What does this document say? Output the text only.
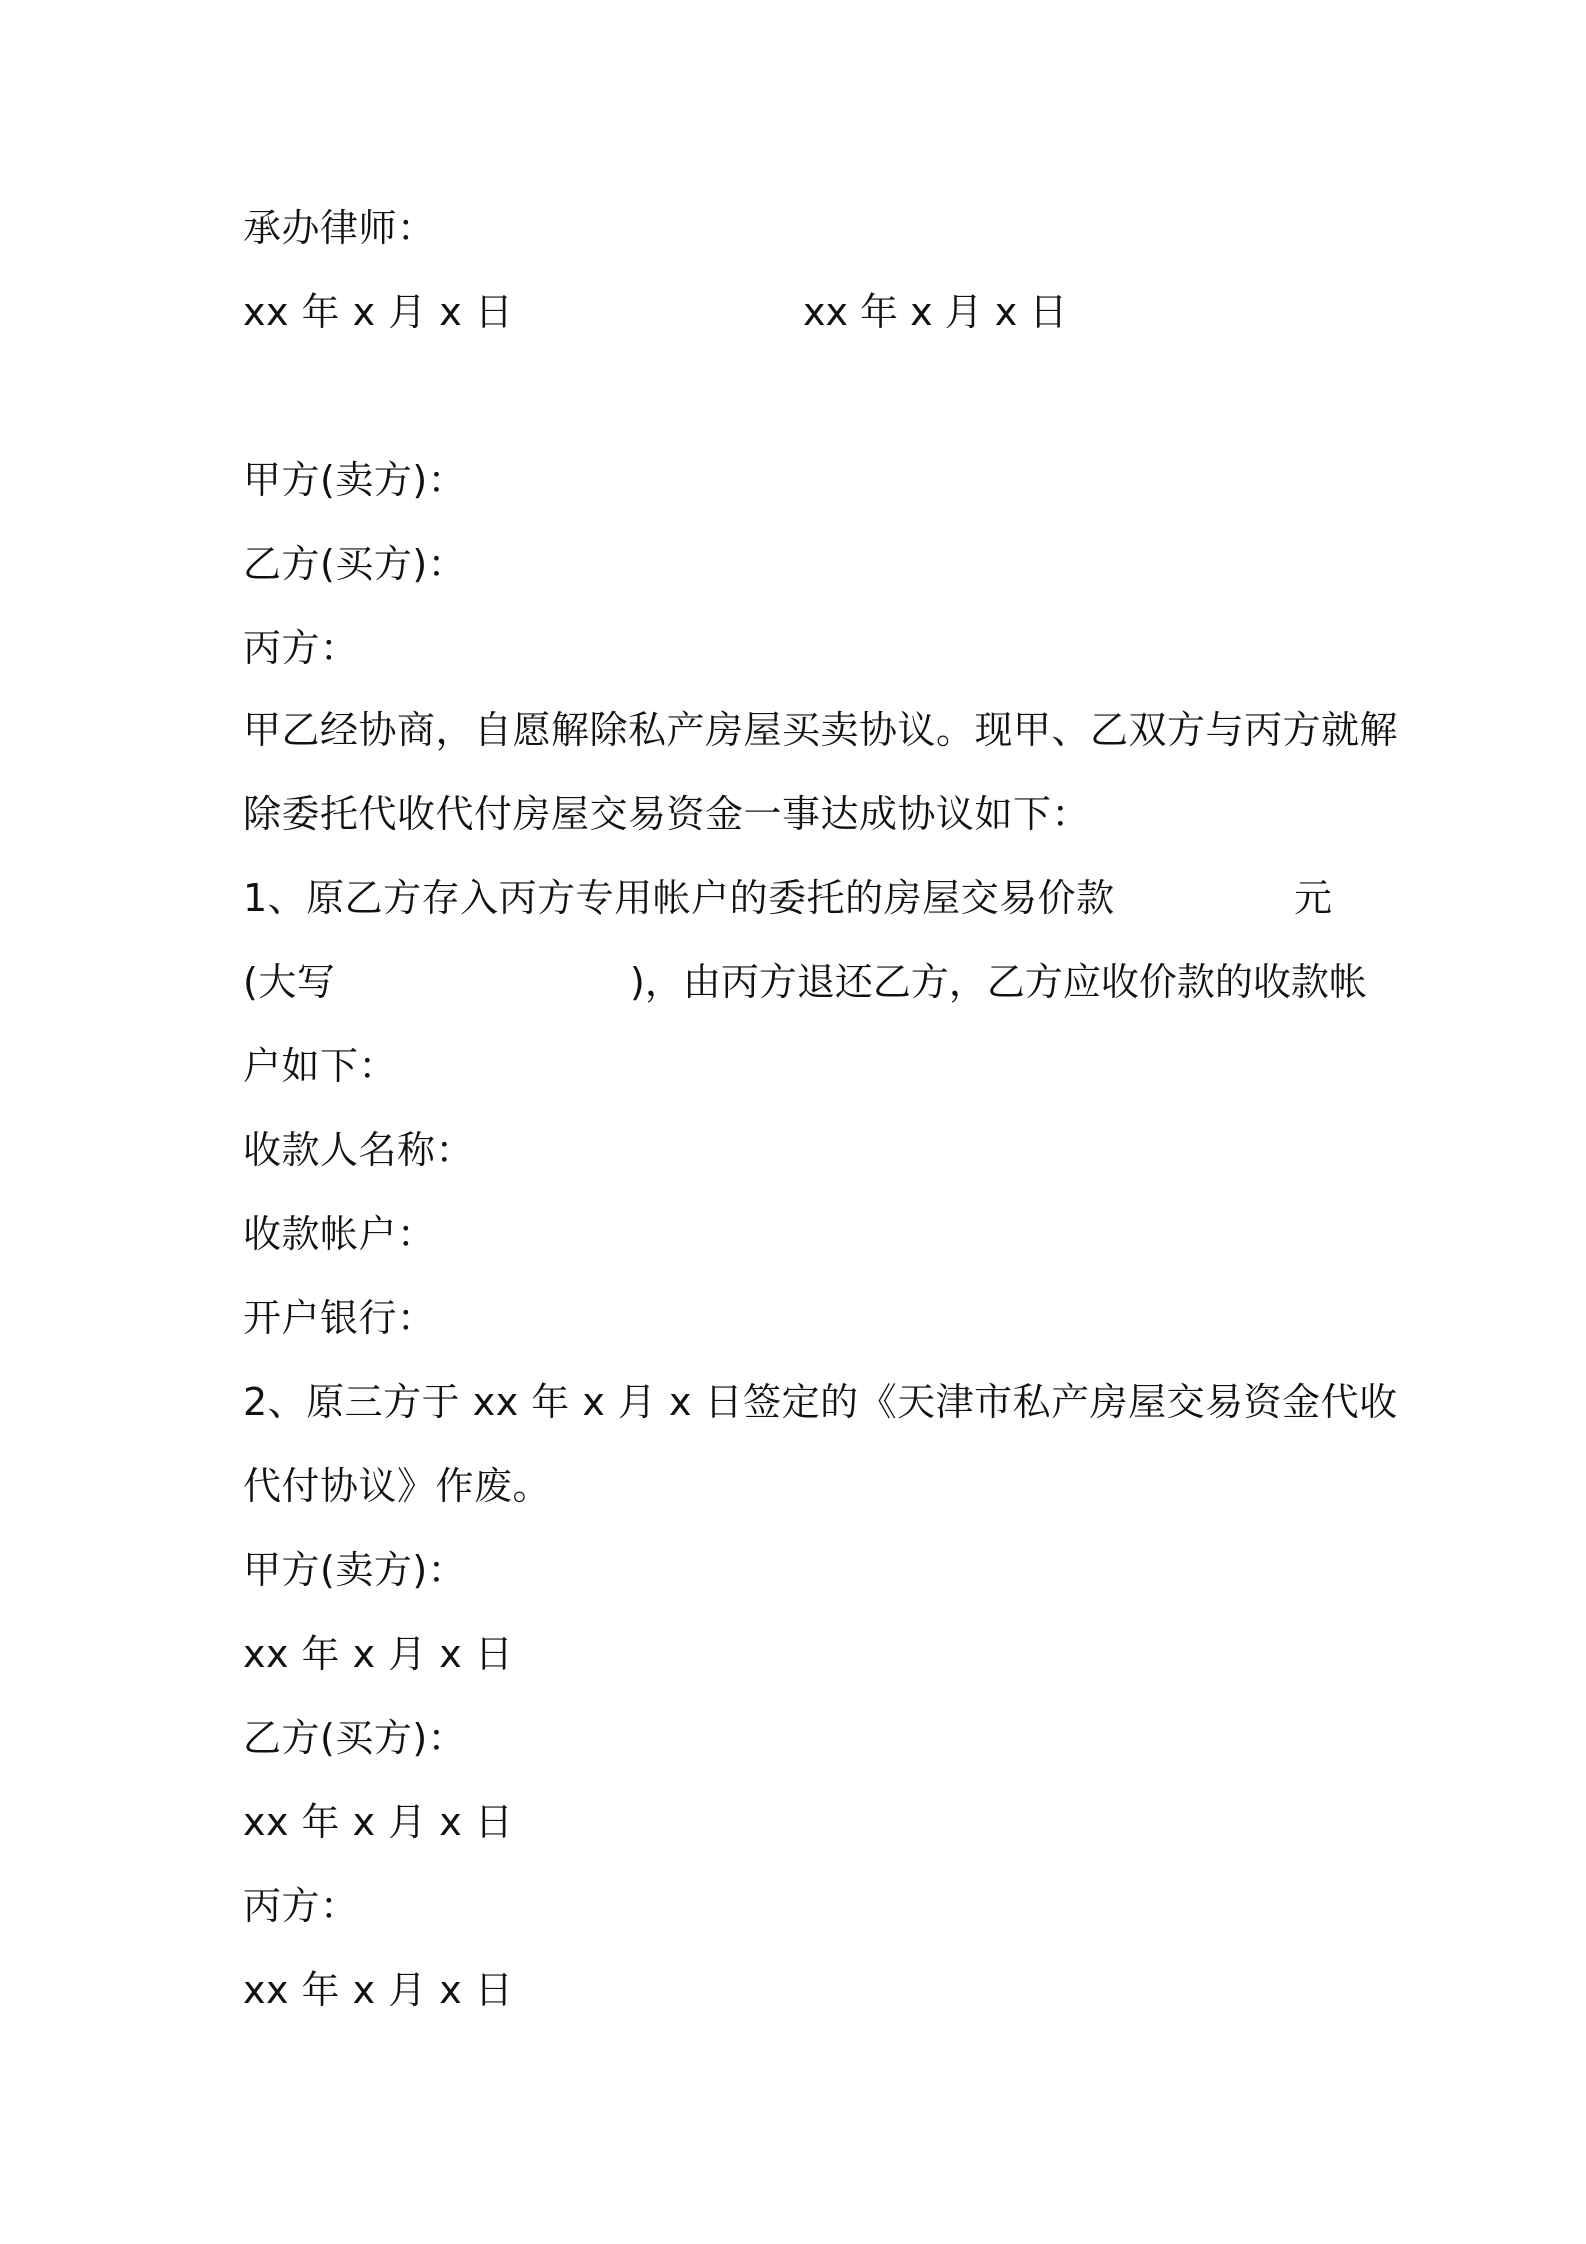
承办律师：
xx 年 x 月 x 日	xx 年 x 月 x 日
甲方(卖方)：
乙方(买方)：
丙方：
甲乙经协商，自愿解除私产房屋买卖协议。现甲、乙双方与丙方就解
除委托代收代付房屋交易资金一事达成协议如下：
1、原乙方存入丙方专用帐户的委托的房屋交易价款	元
(大写	)，由丙方退还乙方，乙方应收价款的收款帐
户如下：
收款人名称：
收款帐户：
开户银行：
2、原三方于 xx 年 x 月 x 日签定的《天津市私产房屋交易资金代收
代付协议》作废。
甲方(卖方)：
xx 年 x 月 x 日
乙方(买方)：
xx 年 x 月 x 日
丙方：
xx 年 x 月 x 日
